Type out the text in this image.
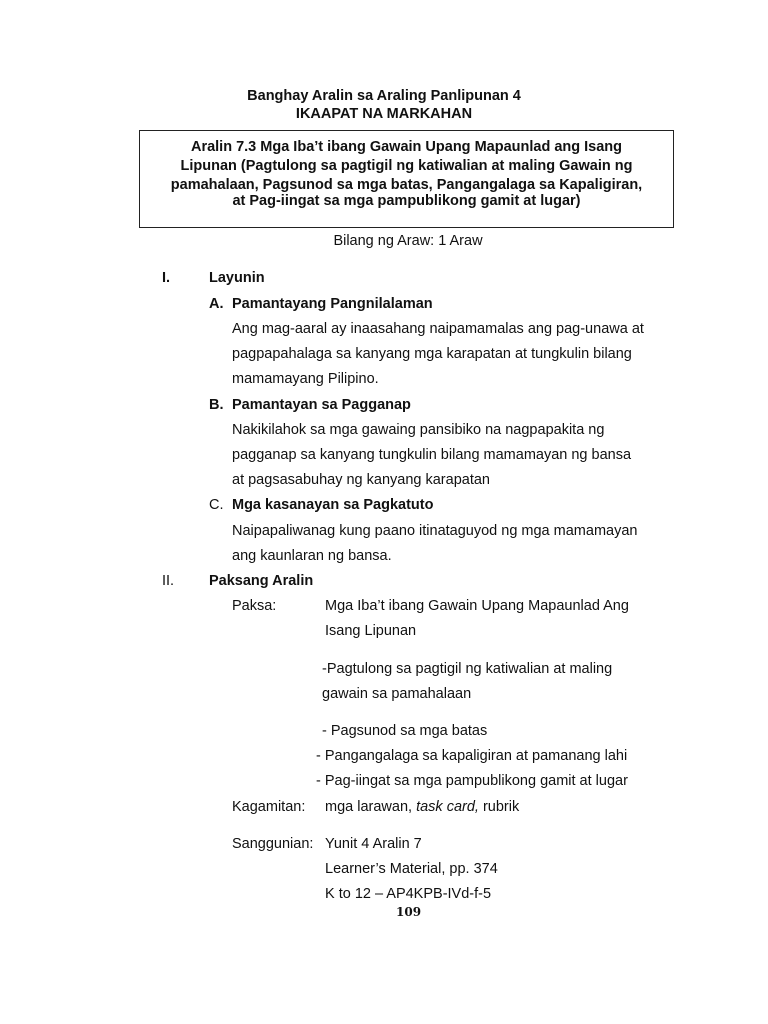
Banghay Aralin sa Araling Panlipunan 4
IKAAPAT NA MARKAHAN
Aralin 7.3 Mga Iba’t ibang Gawain Upang Mapaunlad ang Isang
Lipunan (Pagtulong sa pagtigil ng katiwalian at maling Gawain ng
pamahalaan, Pagsunod sa mga batas, Pangangalaga sa Kapaligiran,
at Pag-iingat sa mga pampublikong gamit at lugar)
Bilang ng Araw: 1 Araw
I.	Layunin
A. Pamantayang Pangnilalaman
Ang mag-aaral ay inaasahang naipamamalas ang pag-unawa at
pagpapahalaga sa kanyang mga karapatan at tungkulin bilang
mamamayang Pilipino.
B. Pamantayan sa Pagganap
Nakikilahok sa mga gawaing pansibiko na nagpapakita ng
pagganap sa kanyang tungkulin bilang mamamayan ng bansa
at pagsasabuhay ng kanyang karapatan
C. Mga kasanayan sa Pagkatuto
Naipapaliwanag kung paano itinataguyod ng mga mamamayan
ang kaunlaran ng bansa.
II. Paksang Aralin
Paksa:	Mga Iba’t ibang Gawain Upang Mapaunlad Ang
Isang Lipunan
-Pagtulong sa pagtigil ng katiwalian at maling
gawain sa pamahalaan
- Pagsunod sa mga batas
- Pangangalaga sa kapaligiran at pamanang lahi
- Pag-iingat sa mga pampublikong gamit at lugar
Kagamitan: mga larawan, task card, rubrik
Sanggunian: Yunit 4 Aralin 7
Learner’s Material, pp. 374
K to 12 – AP4KPB-IVd-f-5
109
